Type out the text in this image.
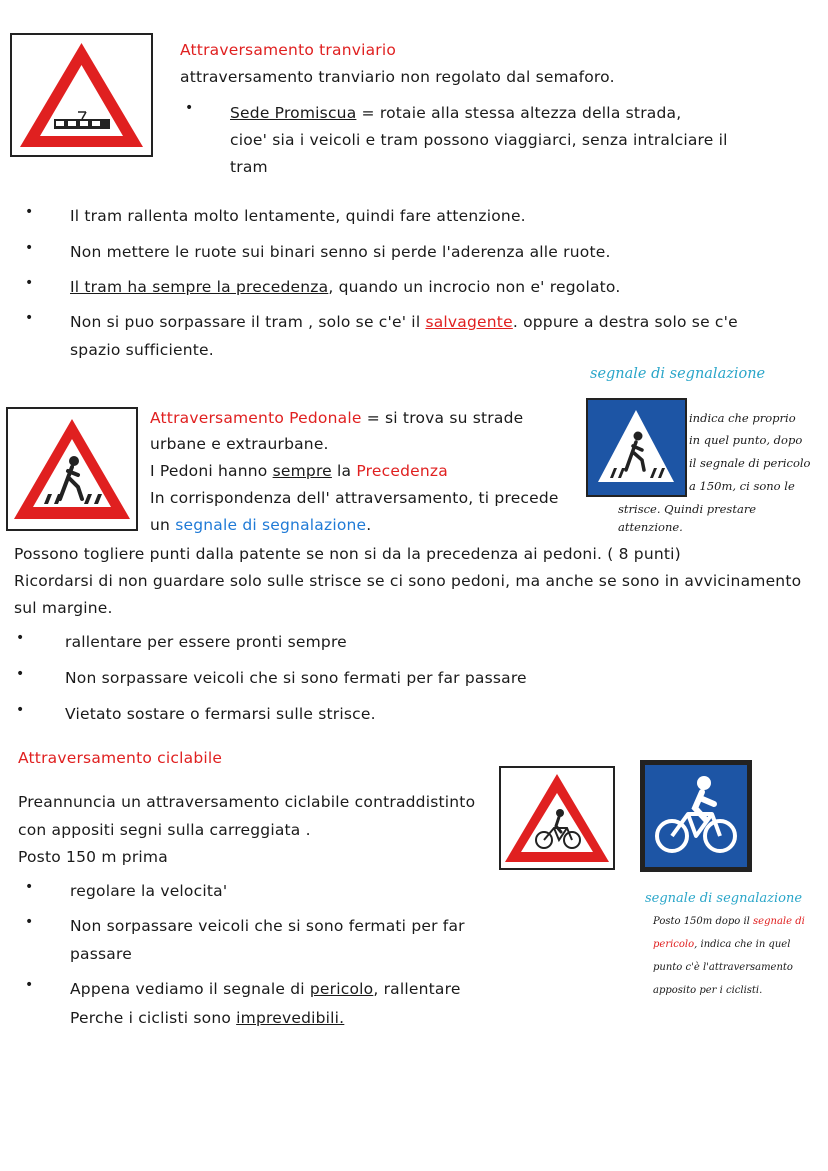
Attraversamento tranviario
attraversamento tranviario non regolato dal semaforo.
• Sede Promiscua = rotaie alla stessa altezza della strada,
cioe' sia i veicoli e tram possono viaggiarci, senza intralciare il
tram
• Il tram rallenta molto lentamente, quindi fare attenzione.
• Non mettere le ruote sui binari senno si perde l'aderenza alle ruote.
• Il tram ha sempre la precedenza, quando un incrocio non e' regolato.
• Non si puo sorpassare il tram , solo se c'e' il salvagente. oppure a destra solo se c'e
spazio sufficiente.
segnale di segnalazione
Attraversamento Pedonale = si trova su strade
urbane e extraurbane.
I Pedoni hanno sempre la Precedenza
In corrispondenza dell' attraversamento, ti precede
un segnale di segnalazione.
indica che proprio
in quel punto, dopo
il segnale di pericolo
a 150m, ci sono le
strisce. Quindi prestare
attenzione.
Possono togliere punti dalla patente se non si da la precedenza ai pedoni. ( 8 punti)
Ricordarsi di non guardare solo sulle strisce se ci sono pedoni, ma anche se sono in avvicinamento
sul margine.
•	rallentare per essere pronti sempre
•	Non sorpassare veicoli che si sono fermati per far passare
•	Vietato sostare o fermarsi sulle strisce.
Attraversamento ciclabile
Preannuncia un attraversamento ciclabile contraddistinto
con appositi segni sulla carreggiata .
Posto 150 m prima
• regolare la velocita'
• Non sorpassare veicoli che si sono fermati per far
passare
• Appena vediamo il segnale di pericolo, rallentare
Perche i ciclisti sono imprevedibili.
segnale di segnalazione
Posto 150m dopo il segnale di
pericolo, indica che in quel
punto c'è l'attraversamento
apposito per i ciclisti.
